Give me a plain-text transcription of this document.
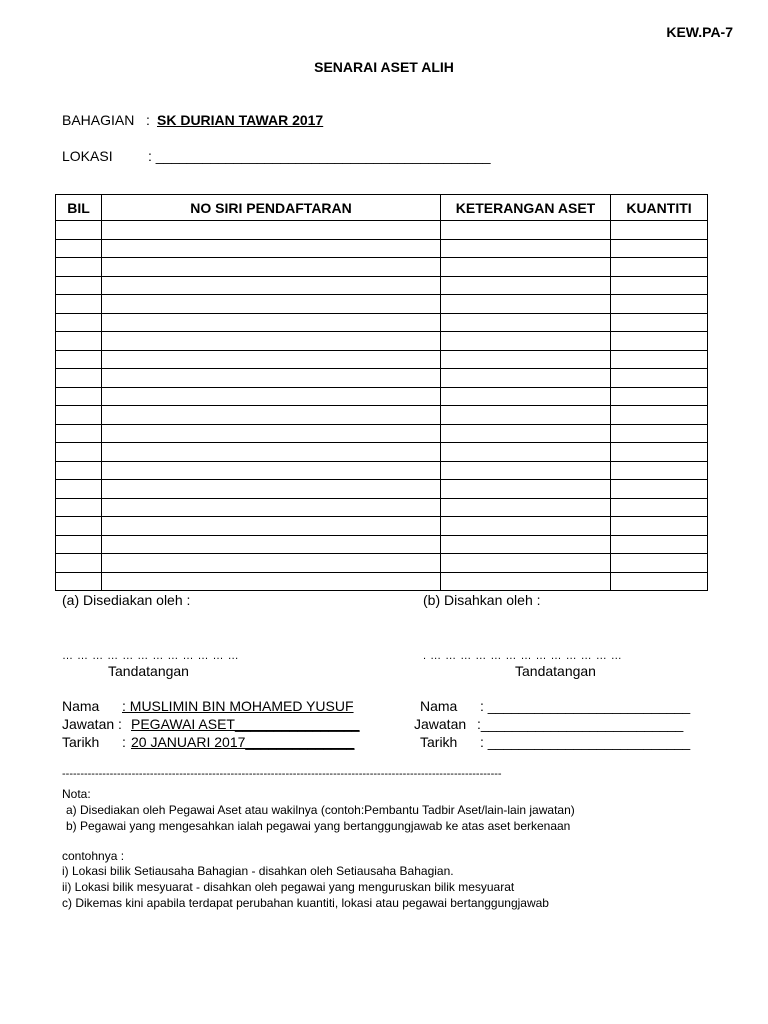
KEW.PA-7
SENARAI ASET ALIH
BAHAGIAN : SK DURIAN TAWAR 2017
LOKASI	: ___________________________________________
BIL	NO SIRI PENDAFTARAN	KETERANGAN ASET	KUANTITI

(a) Disediakan oleh :
… … … … … … … … … … … …
Tandatangan
Nama : MUSLIMIN BIN MOHAMED YUSUF
Jawatan : PEGAWAI ASET________________
Tarikh : 20 JANUARI 2017______________
(b) Disahkan oleh :
. … … … … … … … … … … … … …
Tandatangan
Nama : __________________________
Jawatan :__________________________
Tarikh : __________________________
------------------------------------------------------------------------------------------------------------------------
Nota:
a) Disediakan oleh Pegawai Aset atau wakilnya (contoh:Pembantu Tadbir Aset/lain-lain jawatan)
b) Pegawai yang mengesahkan ialah pegawai yang bertanggungjawab ke atas aset berkenaan
contohnya :
i) Lokasi bilik Setiausaha Bahagian - disahkan oleh Setiausaha Bahagian.
ii) Lokasi bilik mesyuarat - disahkan oleh pegawai yang menguruskan bilik mesyuarat
c) Dikemas kini apabila terdapat perubahan kuantiti, lokasi atau pegawai bertanggungjawab
